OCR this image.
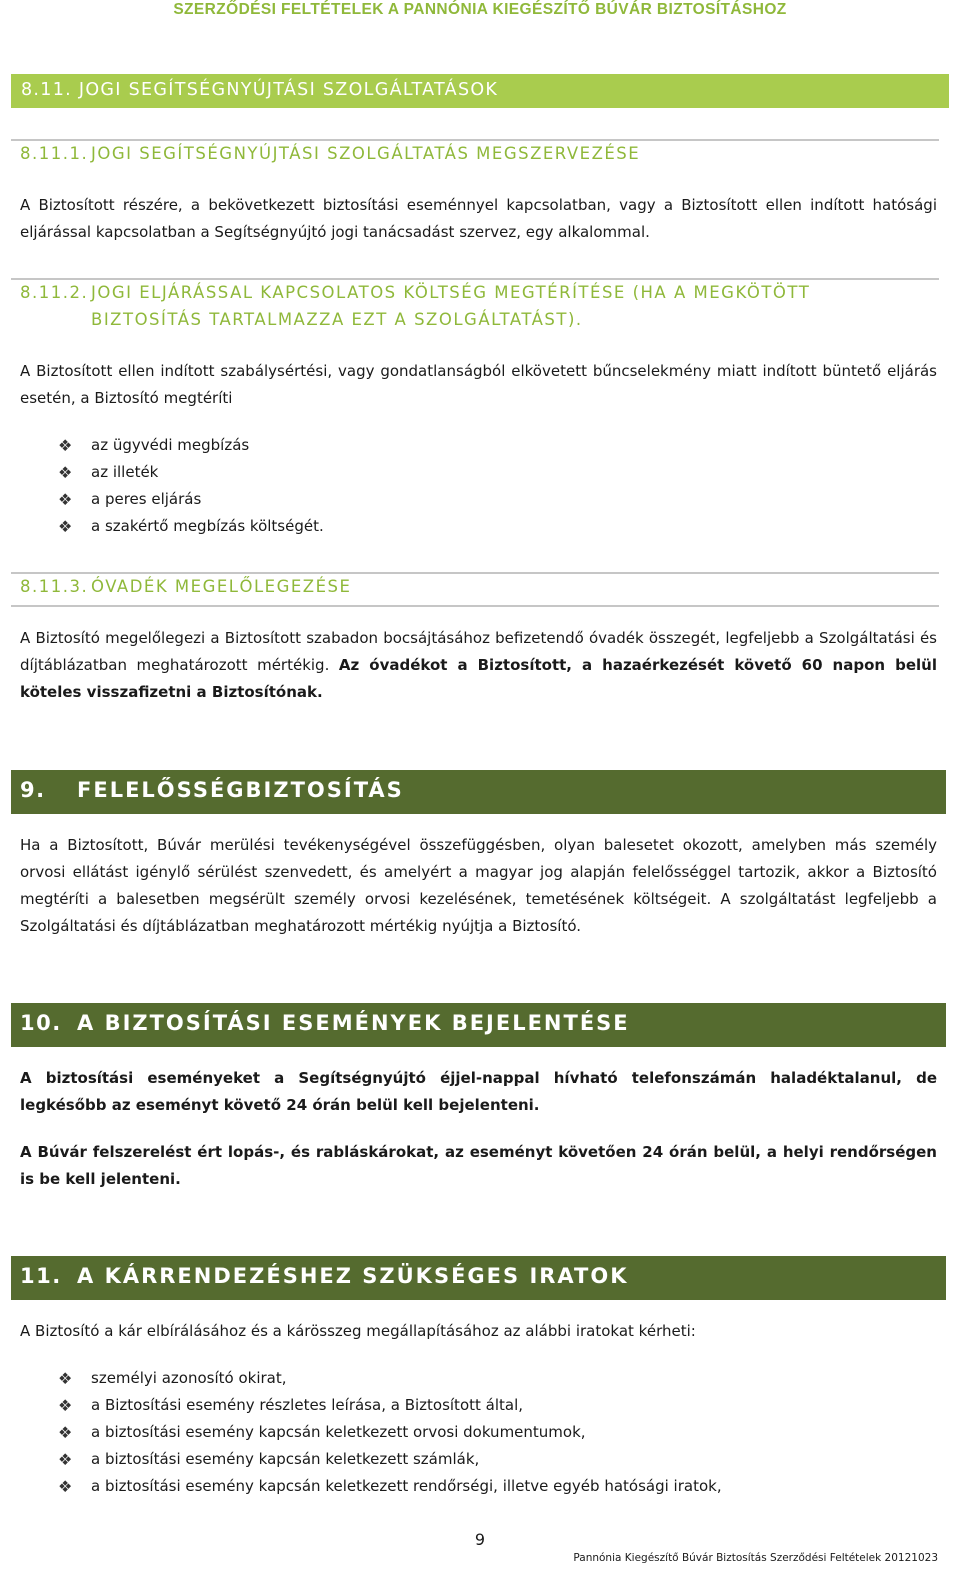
SZERZŐDÉSI FELTÉTELEK A PANNÓNIA KIEGÉSZÍTŐ BÚVÁR BIZTOSÍTÁSHOZ
8.11. JOGI SEGÍTSÉGNYÚJTÁSI SZOLGÁLTATÁSOK
8.11.1. JOGI SEGÍTSÉGNYÚJTÁSI SZOLGÁLTATÁS MEGSZERVEZÉSE
A Biztosított részére, a bekövetkezett biztosítási eseménnyel kapcsolatban, vagy a Biztosított ellen indított hatósági eljárással kapcsolatban a Segítségnyújtó jogi tanácsadást szervez, egy alkalommal.
8.11.2. JOGI ELJÁRÁSSAL KAPCSOLATOS KÖLTSÉG MEGTÉRÍTÉSE (HA A MEGKÖTÖTT
BIZTOSÍTÁS TARTALMAZZA EZT A SZOLGÁLTATÁST).
A Biztosított ellen indított szabálysértési, vagy gondatlanságból elkövetett bűncselekmény miatt indított büntető eljárás esetén, a Biztosító megtéríti
❖ az ügyvédi megbízás
❖ az illeték
❖ a peres eljárás
❖ a szakértő megbízás költségét.
8.11.3. ÓVADÉK MEGELŐLEGEZÉSE
A Biztosító megelőlegezi a Biztosított szabadon bocsájtásához befizetendő óvadék összegét, legfeljebb a Szolgáltatási és díjtáblázatban meghatározott mértékig. Az óvadékot a Biztosított, a hazaérkezését követő 60 napon belül köteles visszafizetni a Biztosítónak.
9. FELELŐSSÉGBIZTOSÍTÁS
Ha a Biztosított, Búvár merülési tevékenységével összefüggésben, olyan balesetet okozott, amelyben más személy orvosi ellátást igénylő sérülést szenvedett, és amelyért a magyar jog alapján felelősséggel tartozik, akkor a Biztosító megtéríti a balesetben megsérült személy orvosi kezelésének, temetésének költségeit. A szolgáltatást legfeljebb a Szolgáltatási és díjtáblázatban meghatározott mértékig nyújtja a Biztosító.
10. A BIZTOSÍTÁSI ESEMÉNYEK BEJELENTÉSE
A biztosítási eseményeket a Segítségnyújtó éjjel-nappal hívható telefonszámán haladéktalanul, de legkésőbb az eseményt követő 24 órán belül kell bejelenteni.
A Búvár felszerelést ért lopás-, és rabláskárokat, az eseményt követően 24 órán belül, a helyi rendőrségen is be kell jelenteni.
11. A KÁRRENDEZÉSHEZ SZÜKSÉGES IRATOK
A Biztosító a kár elbírálásához és a kárösszeg megállapításához az alábbi iratokat kérheti:
❖ személyi azonosító okirat,
❖ a Biztosítási esemény részletes leírása, a Biztosított által,
❖ a biztosítási esemény kapcsán keletkezett orvosi dokumentumok,
❖ a biztosítási esemény kapcsán keletkezett számlák,
❖ a biztosítási esemény kapcsán keletkezett rendőrségi, illetve egyéb hatósági iratok,
9
Pannónia Kiegészítő Búvár Biztosítás Szerződési Feltételek 20121023
